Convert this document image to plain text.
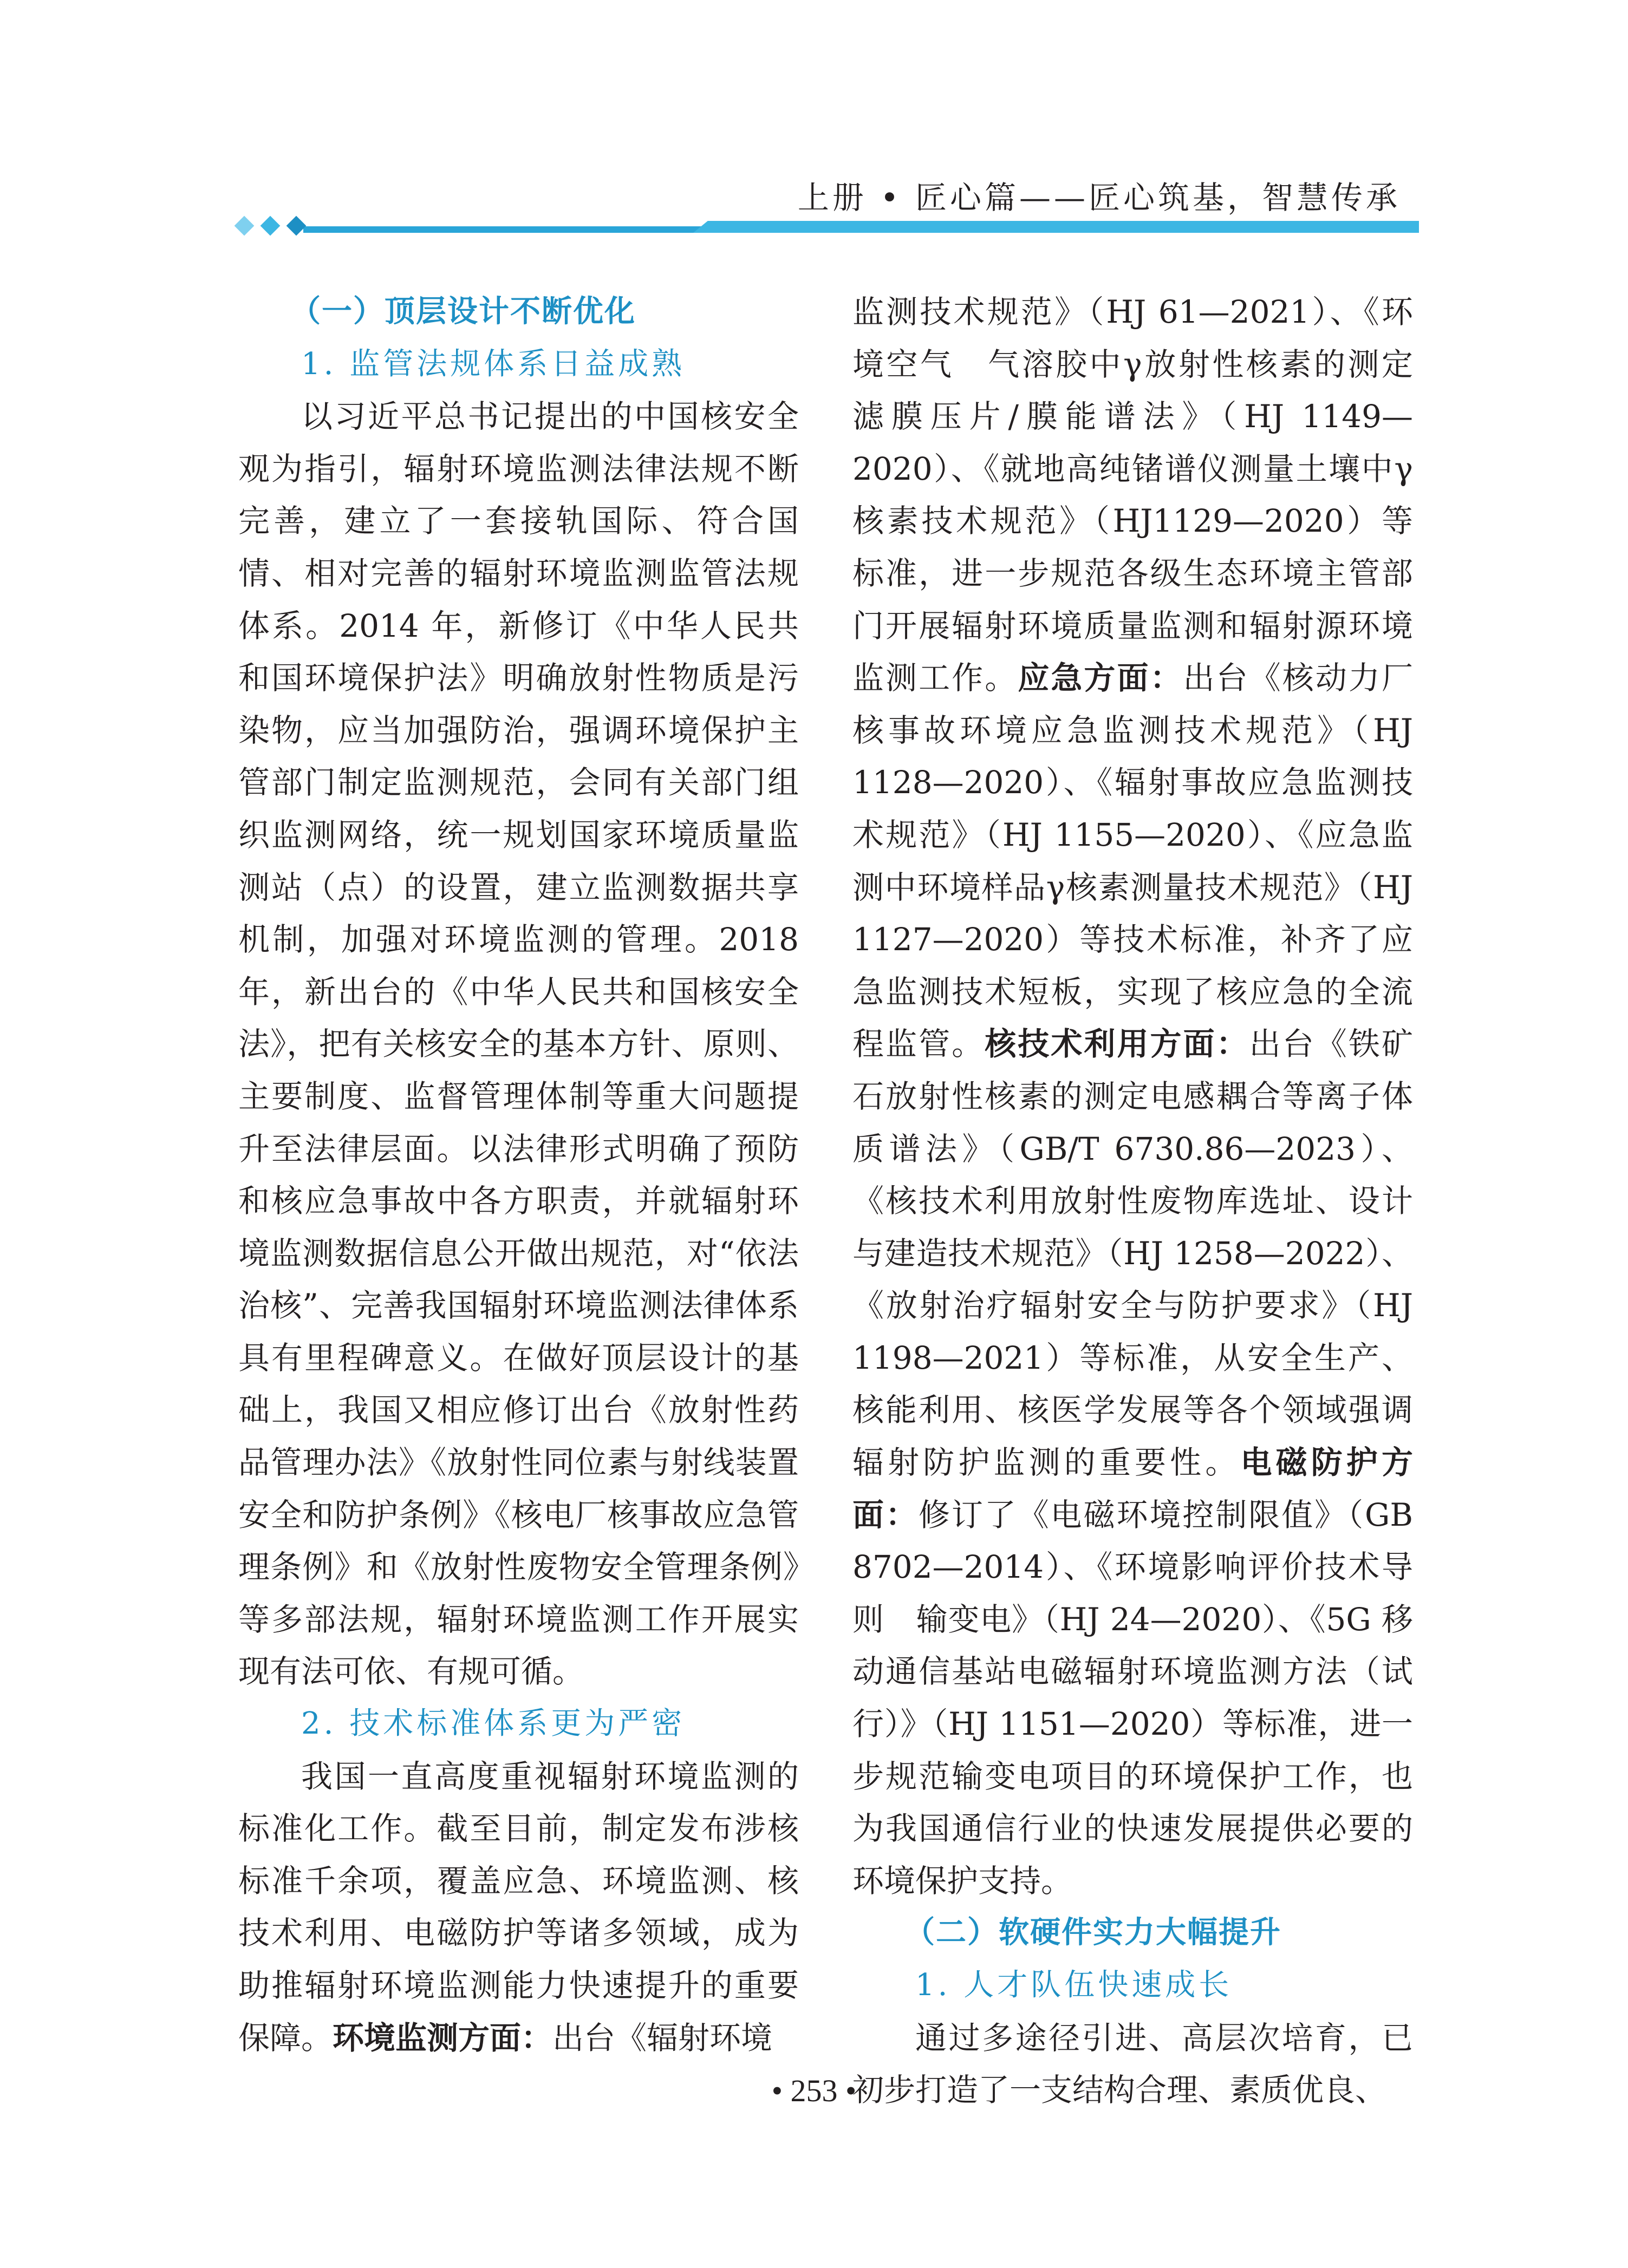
上册 • 匠心篇——匠心筑基，智慧传承
（一）顶层设计不断优化
1. 监管法规体系日益成熟

以习近平总书记提出的中国核安全观为指引，辐射环境监测法律法规不断完善，建立了一套接轨国际、符合国情、相对完善的辐射环境监测监管法规体系。2014 年，新修订《中华人民共和国环境保护法》明确放射性物质是污染物，应当加强防治，强调环境保护主管部门制定监测规范，会同有关部门组织监测网络，统一规划国家环境质量监测站（点）的设置，建立监测数据共享机制，加强对环境监测的管理。2018 年，新出台的《中华人民共和国核安全法》，把有关核安全的基本方针、原则、主要制度、监督管理体制等重大问题提升至法律层面。以法律形式明确了预防和核应急事故中各方职责，并就辐射环境监测数据信息公开做出规范，对“依法治核”、完善我国辐射环境监测法律体系具有里程碑意义。在做好顶层设计的基础上，我国又相应修订出台《放射性药品管理办法》《放射性同位素与射线装置安全和防护条例》《核电厂核事故应急管理条例》和《放射性废物安全管理条例》等多部法规，辐射环境监测工作开展实现有法可依、有规可循。

2. 技术标准体系更为严密

我国一直高度重视辐射环境监测的标准化工作。截至目前，制定发布涉核标准千余项，覆盖应急、环境监测、核技术利用、电磁防护等诸多领域，成为助推辐射环境监测能力快速提升的重要保障。环境监测方面：出台《辐射环境

监测技术规范》（HJ 61—2021）、《环境空气　气溶胶中γ放射性核素的测定　滤膜压片/膜能谱法》（HJ 1149—2020）、《就地高纯锗谱仪测量土壤中γ核素技术规范》（HJ1129—2020）等标准，进一步规范各级生态环境主管部门开展辐射环境质量监测和辐射源环境监测工作。应急方面：出台《核动力厂核事故环境应急监测技术规范》（HJ 1128—2020）、《辐射事故应急监测技术规范》（HJ 1155—2020）、《应急监测中环境样品γ核素测量技术规范》（HJ 1127—2020）等技术标准，补齐了应急监测技术短板，实现了核应急的全流程监管。核技术利用方面：出台《铁矿石放射性核素的测定电感耦合等离子体质谱法》（GB/T 6730.86—2023）、《核技术利用放射性废物库选址、设计与建造技术规范》（HJ 1258—2022）、《放射治疗辐射安全与防护要求》（HJ 1198—2021）等标准，从安全生产、核能利用、核医学发展等各个领域强调辐射防护监测的重要性。电磁防护方面：修订了《电磁环境控制限值》（GB 8702—2014）、《环境影响评价技术导则　输变电》（HJ 24—2020）、《5G 移动通信基站电磁辐射环境监测方法（试行）》（HJ 1151—2020）等标准，进一步规范输变电项目的环境保护工作，也为我国通信行业的快速发展提供必要的环境保护支持。

（二）软硬件实力大幅提升
1. 人才队伍快速成长

通过多途径引进、高层次培育，已初步打造了一支结构合理、素质优良、

• 253 •
